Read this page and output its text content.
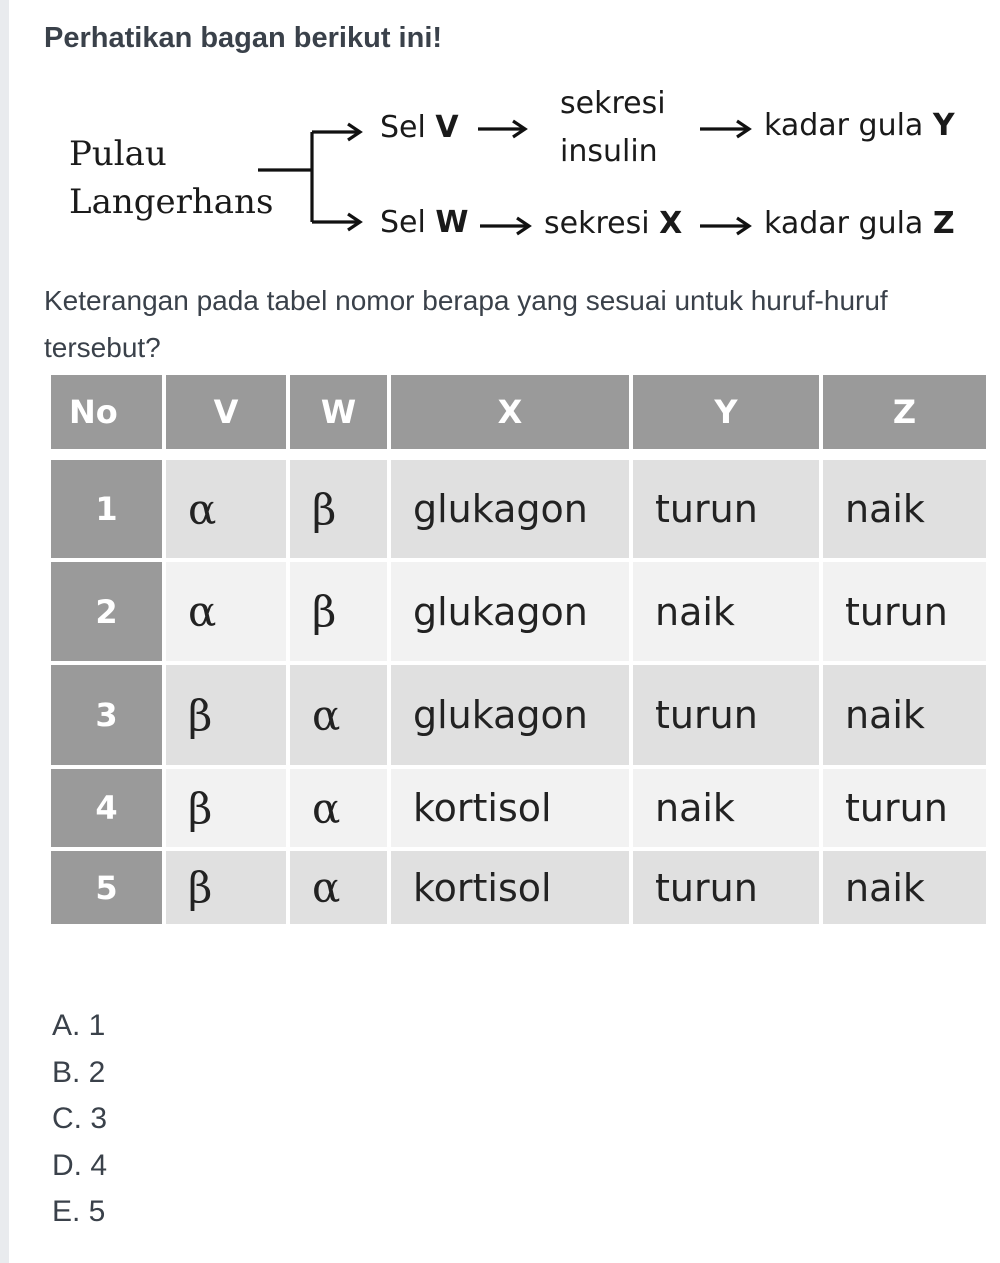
Perhatikan bagan berikut ini!
Pulau
Langerhans
Sel V
sekresi
insulin
kadar gula Y
Sel W	sekresi X	kadar gula Z
Keterangan pada tabel nomor berapa yang sesuai untuk huruf-huruf tersebut?
No	V	W	X	Y	Z

1	α	β	glukagon	turun	naik
2	α	β	glukagon	naik	turun
3	β	α	glukagon	turun	naik
4	β	α	kortisol	naik	turun
5	β	α	kortisol	turun	naik
A. 1
B. 2
C. 3
D. 4
E. 5
